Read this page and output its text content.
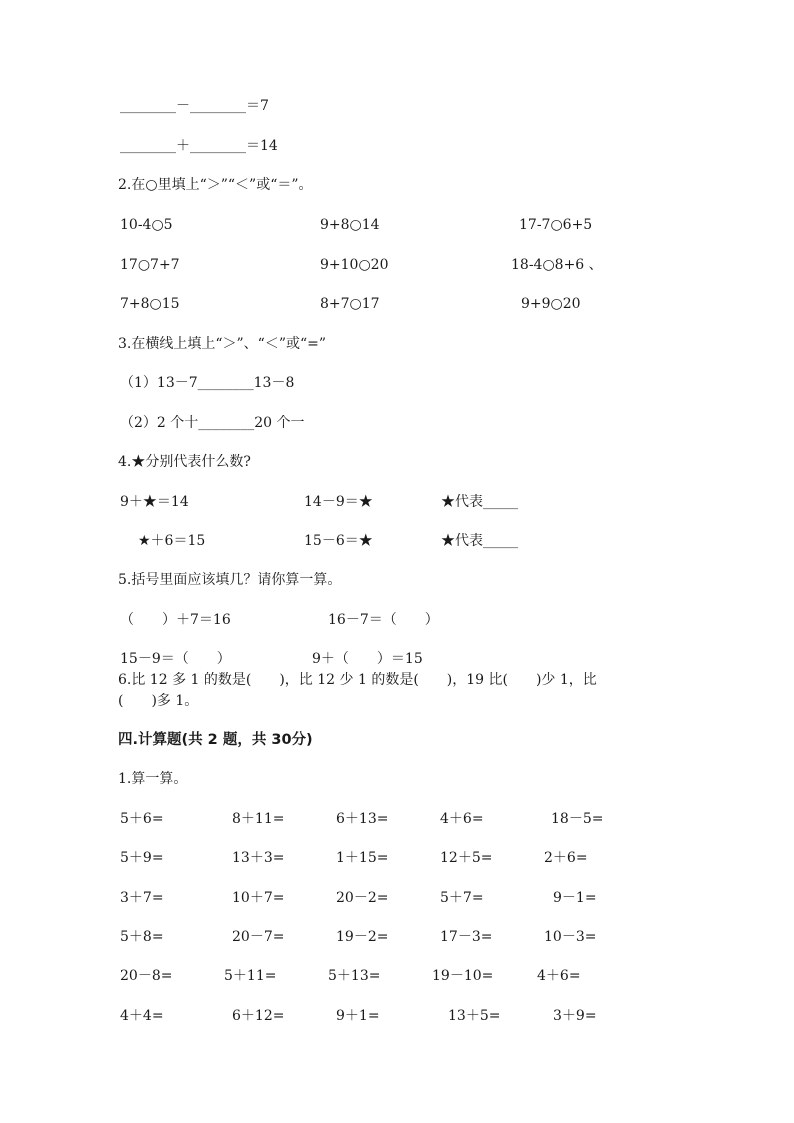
________－________＝7
________＋________＝14
2.在○里填上“＞”“＜”或“＝”。
10-4○5	9+8○14	17-7○6+5
17○7+7	9+10○20	18-4○8+6 、
7+8○15	8+7○17	9+9○20
3.在横线上填上“＞”、“＜”或“=”
（1）13－7________13－8
（2）2 个十________20 个一
4.★分别代表什么数?
9＋★＝14	14－9＝★	★代表_____
★＋6＝15	15－6＝★	★代表_____
5.括号里面应该填几？请你算一算。
（　　）＋7＝16	16－7＝（　　）
15－9＝（　　）	9＋（　　）＝15
6.比 12 多 1 的数是(　　)，比 12 少 1 的数是(　　)，19 比(　　)少 1，比
(　　)多 1。
四.计算题(共 2 题，共 30分)
1.算一算。
5＋6=	8＋11=	6＋13=	4＋6=	18－5=
5＋9=	13＋3=	1＋15=	12＋5=	2＋6=
3＋7=	10＋7=	20－2=	5＋7=	9－1=
5＋8=	20－7=	19－2=	17－3=	10－3=
20－8=	5＋11=	5＋13=	19－10=	4＋6=
4＋4=	6＋12=	9＋1=	13＋5=	3＋9=
